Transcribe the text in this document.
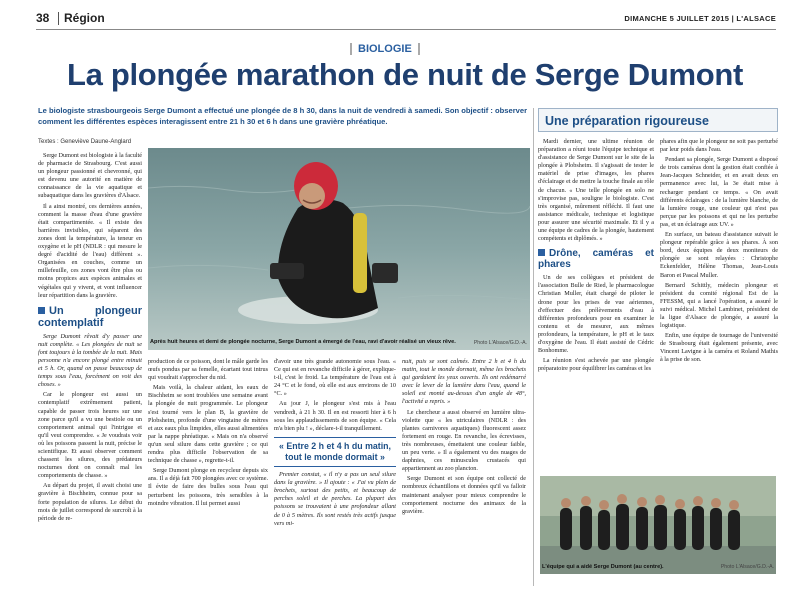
38 Région	DIMANCHE 5 JUILLET 2015 | L'ALSACE
BIOLOGIE
La plongée marathon de nuit de Serge Dumont
Le biologiste strasbourgeois Serge Dumont a effectué une plongée de 8 h 30, dans la nuit de vendredi à samedi. Son objectif : observer comment les différentes espèces interagissent entre 21 h 30 et 6 h dans une gravière phréatique.
Textes : Geneviève Daune-Anglard

Serge Dumont est biologiste à la faculté de pharmacie de Strasbourg. C'est aussi un plongeur passionné et chevronné, qui est devenu une autorité en matière de connaissance de la vie aquatique et subaquatique dans les gravières d'Alsace.

Il a ainsi montré, ces dernières années, comment la masse d'eau d'une gravière était compartimentée. « Il existe des barrières invisibles, qui séparent des zones dont la température, la teneur en oxygène et le pH (NDLR : qui mesure le degré d'acidité de l'eau) diffèrent ». Organisées en couches, comme un millefeuille, ces zones vont être plus ou moins propices aux espèces animales et végétales qui y vivent, et vont influencer leur répartition dans la gravière.

Un plongeur contemplatif

Serge Dumont rêvait d'y passer une nuit complète. « Les plongées de nuit se font toujours à la tombée de la nuit. Mais personne n'a encore plongé entre minuit et 5 h. Or, quand on passe beaucoup de temps sous l'eau, forcément on voit des choses. »

Car le plongeur est aussi un contemplatif extrêmement patient, capable de passer trois heures sur une zone parce qu'il a vu une bestiole ou un comportement animal qui l'intrigue et qu'il veut comprendre. « Je voudrais voir où les poissons passent la nuit, précise le scientifique. Et aussi observer comment chassent les silures, des prédateurs nocturnes dont on connaît mal les comportements de chasse. »

Au départ du projet, il avait choisi une gravière à Bischheim, connue pour sa forte population de silures. Le début du mois de juillet correspond de surcroît à la période de re-

Après huit heures et demi de plongée nocturne, Serge Dumont a émergé de l'eau, ravi d'avoir réalisé un vieux rêve.	Photo L'Alsace/G.D.-A.

production de ce poisson, dont le mâle garde les œufs pondus par sa femelle, écartant tout intrus qui voudrait s'approcher du nid.

Mais voilà, la chaleur aidant, les eaux de Bischheim se sont troublées une semaine avant la plongée de nuit programmée. Le plongeur s'est tourné vers le plan B, la gravière de Plobsheim, profonde d'une vingtaine de mètres et aux eaux plus limpides, elles aussi alimentées par la nappe phréatique. « Mais on n'a observé qu'un seul silure dans cette gravière ; ce qui rendra plus difficile l'observation de sa technique de chasse », regrette-t-il.

Serge Dumont plonge en recycleur depuis six ans. Il a déjà fait 700 plongées avec ce système. Il évite de faire des bulles sous l'eau qui perturbent les poissons, très sensibles à la moindre vibration. Il lui permet aussi

d'avoir une très grande autonomie sous l'eau. « Ce qui est en revanche difficile à gérer, explique-t-il, c'est le froid. La température de l'eau est à 24 °C et le fond, où elle est aux environs de 10 °C. »

Au jour J, le plongeur s'est mis à l'eau vendredi, à 21 h 30. Il en est ressorti hier à 6 h sous les applaudissements de son équipe. « Cela m'a bien plu ! », déclare-t-il tranquillement.

« Entre 2 h et 4 h du matin, tout le monde dormait »

Premier constat, « il n'y a pas un seul silure dans la gravière. » Il ajoute : « J'ai vu plein de brochets, surtout des petits, et beaucoup de perches soleil et de perches. La plupart des poissons se trouvaient à une profondeur allant de 0 à 5 mètres. Ils sont restés très actifs jusque vers mi-

nuit, puis se sont calmés. Entre 2 h et 4 h du matin, tout le monde dormait, même les brochets qui gardaient les yeux ouverts. Ils ont redémarré avec le lever de la lumière dans l'eau, quand le soleil est monté au-dessus d'un angle de 48°, l'activité a repris. »

Le chercheur a aussi observé en lumière ultra-violette que « les utriculaires (NDLR : des plantes carnivores aquatiques) fluorescent assez fortement en rouge. En revanche, les écrevisses, très nombreuses, émettaient une couleur faible, un peu verte. » Il a également vu des nuages de daphnies, ces minuscules crustacés qui appartiennent au zoo plancton.

Serge Dumont et son équipe ont collecté de nombreux échantillons et données qu'il va falloir maintenant analyser pour mieux comprendre le comportement nocturne des animaux de la gravière.

Une préparation rigoureuse

Mardi dernier, une ultime réunion de préparation a réuni toute l'équipe technique et d'assistance de Serge Dumont sur le site de la plongée à Plobsheim. Il s'agissait de tester le matériel de prise d'images, les phares d'éclairage et de mettre la touche finale au rôle de chacun. « Une telle plongée en solo ne s'improvise pas, souligne le biologiste. C'est très organisé, mûrement réfléchi. Il faut une assistance médicale, technique et logistique pour assurer une sécurité maximale. Et il y a une équipe de cadres de la plongée, hautement compétents et diplômés. »

Drône, caméras et phares

Un de ses collègues et président de l'association Bulle de Ried, le pharmacologue Christian Muller, était chargé de piloter le drone pour les prises de vue aériennes, d'effectuer des prélèvements d'eau à différentes profondeurs pour en examiner le contenu et de mesurer, aux mêmes profondeurs, la température, le pH et le taux d'oxygène de l'eau. Il était assisté de Cédric Bonhomme.

La réunion s'est achevée par une plongée préparatoire pour équilibrer les caméras et les

phares afin que le plongeur ne soit pas perturbé par leur poids dans l'eau.

Pendant sa plongée, Serge Dumont a disposé de trois caméras dont la gestion était confiée à Jean-Jacques Schneider, et en avait deux en permanence avec lui, la 3e était mise à recharger pendant ce temps. « On avait différents éclairages : de la lumière blanche, de la lumière rouge, une couleur qui n'est pas perçue par les poissons et qui ne les perturbe pas, et un éclairage aux UV. »

En surface, un bateau d'assistance suivait le plongeur repérable grâce à ses phares. À son bord, deux équipes de deux moniteurs de plongée se sont relayées : Christophe Eckenfelder, Hélène Thomas, Jean-Louis Baron et Pascal Muller.

Bernard Schittly, médecin plongeur et président du comité régional Est de la FFESSM, qui a lancé l'opération, a assuré le suivi médical. Michel Lambinet, président de la ligue d'Alsace de plongée, a assuré la logistique.

Enfin, une équipe de tournage de l'université de Strasbourg était également présente, avec Vincent Lavigne à la caméra et Roland Mathis à la prise de son.

L'équipe qui a aidé Serge Dumont (au centre).	Photo L'Alsace/G.D.-A.
